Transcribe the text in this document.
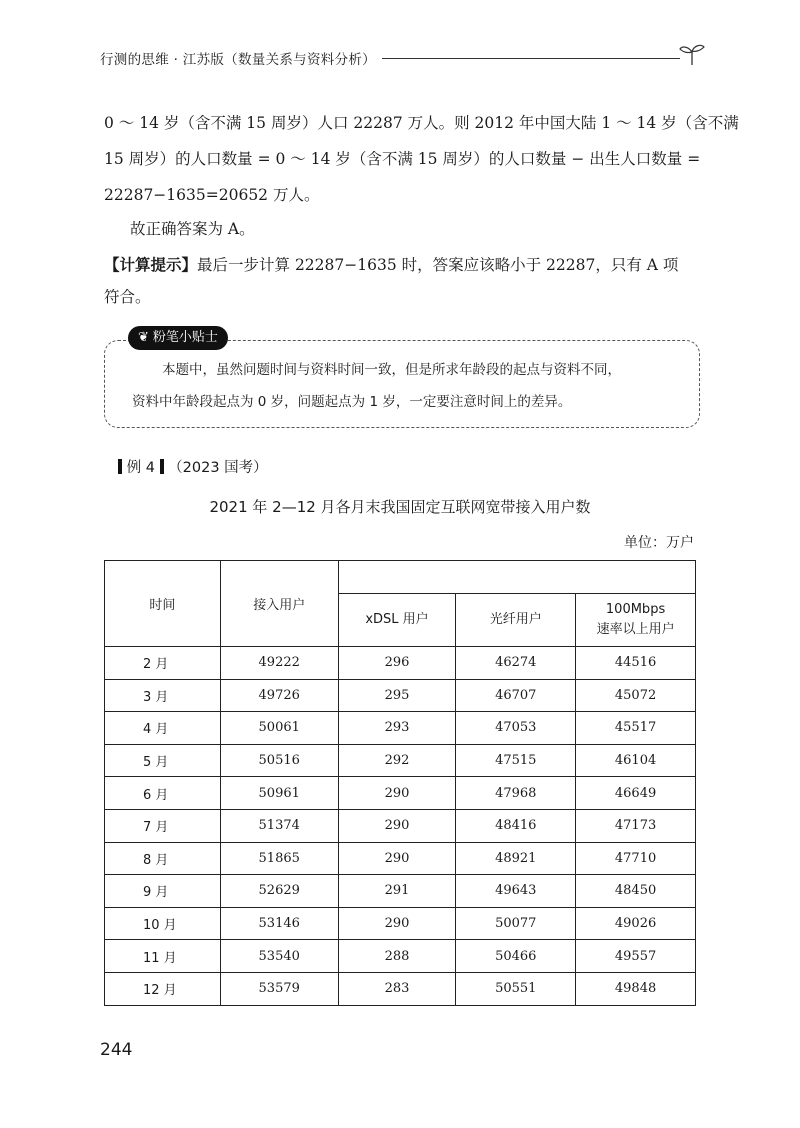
行测的思维 · 江苏版（数量关系与资料分析）
0 ～ 14 岁（含不满 15 周岁）人口 22287 万人。则 2012 年中国大陆 1 ～ 14 岁（含不满
15 周岁）的人口数量 = 0 ～ 14 岁（含不满 15 周岁）的人口数量 − 出生人口数量 =
22287−1635=20652 万人。
故正确答案为 A。
【计算提示】最后一步计算 22287−1635 时，答案应该略小于 22287，只有 A 项
符合。
❦ 粉笔小贴士
本题中，虽然问题时间与资料时间一致，但是所求年龄段的起点与资料不同，
资料中年龄段起点为 0 岁，问题起点为 1 岁，一定要注意时间上的差异。
例 4 （2023 国考）
2021 年 2—12 月各月末我国固定互联网宽带接入用户数
单位：万户
时间	接入用户			
		xDSL 用户	光纤用户	100Mbps
速率以上用户
2 月	49222	296	46274	44516
3 月	49726	295	46707	45072
4 月	50061	293	47053	45517
5 月	50516	292	47515	46104
6 月	50961	290	47968	46649
7 月	51374	290	48416	47173
8 月	51865	290	48921	47710
9 月	52629	291	49643	48450
10 月	53146	290	50077	49026
11 月	53540	288	50466	49557
12 月	53579	283	50551	49848
244
